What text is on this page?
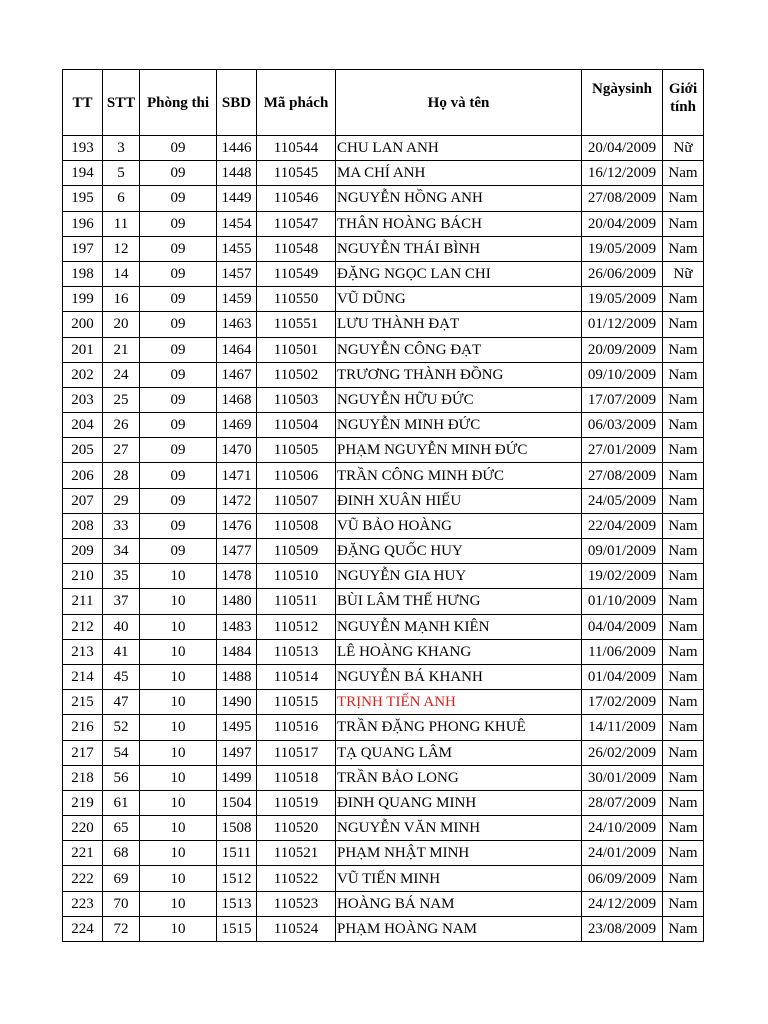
TT	STT	Phòng thi	SBD	Mã phách	Họ và tên	Ngàysinh	Giới tính
193	3	09	1446	110544	CHU LAN ANH	20/04/2009	Nữ
194	5	09	1448	110545	MA CHÍ ANH	16/12/2009	Nam
195	6	09	1449	110546	NGUYỄN HỒNG ANH	27/08/2009	Nam
196	11	09	1454	110547	THÂN HOÀNG BÁCH	20/04/2009	Nam
197	12	09	1455	110548	NGUYỄN THÁI BÌNH	19/05/2009	Nam
198	14	09	1457	110549	ĐẶNG NGỌC LAN CHI	26/06/2009	Nữ
199	16	09	1459	110550	VŨ DŨNG	19/05/2009	Nam
200	20	09	1463	110551	LƯU THÀNH ĐẠT	01/12/2009	Nam
201	21	09	1464	110501	NGUYỄN CÔNG ĐẠT	20/09/2009	Nam
202	24	09	1467	110502	TRƯƠNG THÀNH ĐỒNG	09/10/2009	Nam
203	25	09	1468	110503	NGUYỄN HỮU ĐỨC	17/07/2009	Nam
204	26	09	1469	110504	NGUYỄN MINH ĐỨC	06/03/2009	Nam
205	27	09	1470	110505	PHẠM NGUYỄN MINH ĐỨC	27/01/2009	Nam
206	28	09	1471	110506	TRẦN CÔNG MINH ĐỨC	27/08/2009	Nam
207	29	09	1472	110507	ĐINH XUÂN HIẾU	24/05/2009	Nam
208	33	09	1476	110508	VŨ BẢO HOÀNG	22/04/2009	Nam
209	34	09	1477	110509	ĐẶNG QUỐC HUY	09/01/2009	Nam
210	35	10	1478	110510	NGUYỄN GIA HUY	19/02/2009	Nam
211	37	10	1480	110511	BÙI LÂM THẾ HƯNG	01/10/2009	Nam
212	40	10	1483	110512	NGUYỄN MẠNH KIÊN	04/04/2009	Nam
213	41	10	1484	110513	LÊ HOÀNG KHANG	11/06/2009	Nam
214	45	10	1488	110514	NGUYỄN BÁ KHANH	01/04/2009	Nam
215	47	10	1490	110515	TRỊNH TIẾN ANH	17/02/2009	Nam
216	52	10	1495	110516	TRẦN ĐẶNG PHONG KHUÊ	14/11/2009	Nam
217	54	10	1497	110517	TẠ QUANG LÂM	26/02/2009	Nam
218	56	10	1499	110518	TRẦN BẢO LONG	30/01/2009	Nam
219	61	10	1504	110519	ĐINH QUANG MINH	28/07/2009	Nam
220	65	10	1508	110520	NGUYỄN VĂN MINH	24/10/2009	Nam
221	68	10	1511	110521	PHẠM NHẬT MINH	24/01/2009	Nam
222	69	10	1512	110522	VŨ TIẾN MINH	06/09/2009	Nam
223	70	10	1513	110523	HOÀNG BÁ NAM	24/12/2009	Nam
224	72	10	1515	110524	PHẠM HOÀNG NAM	23/08/2009	Nam
